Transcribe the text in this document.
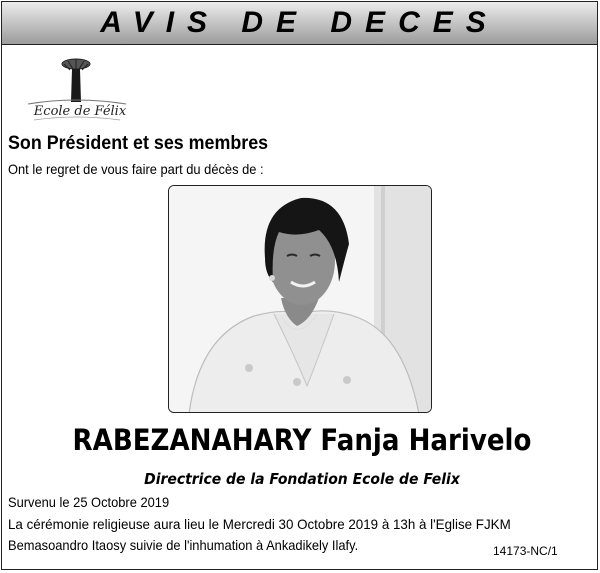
AVIS DE DECES
Ecole de Félix
Son Président et ses membres
Ont le regret de vous faire part du décès de :
RABEZANAHARY Fanja Harivelo
Directrice de la Fondation Ecole de Felix
Survenu le 25 Octobre 2019
La cérémonie religieuse aura lieu le Mercredi 30 Octobre 2019 à 13h à l'Eglise FJKM
Bemasoandro Itaosy suivie de l'inhumation à Ankadikely Ilafy.	14173-NC/1
